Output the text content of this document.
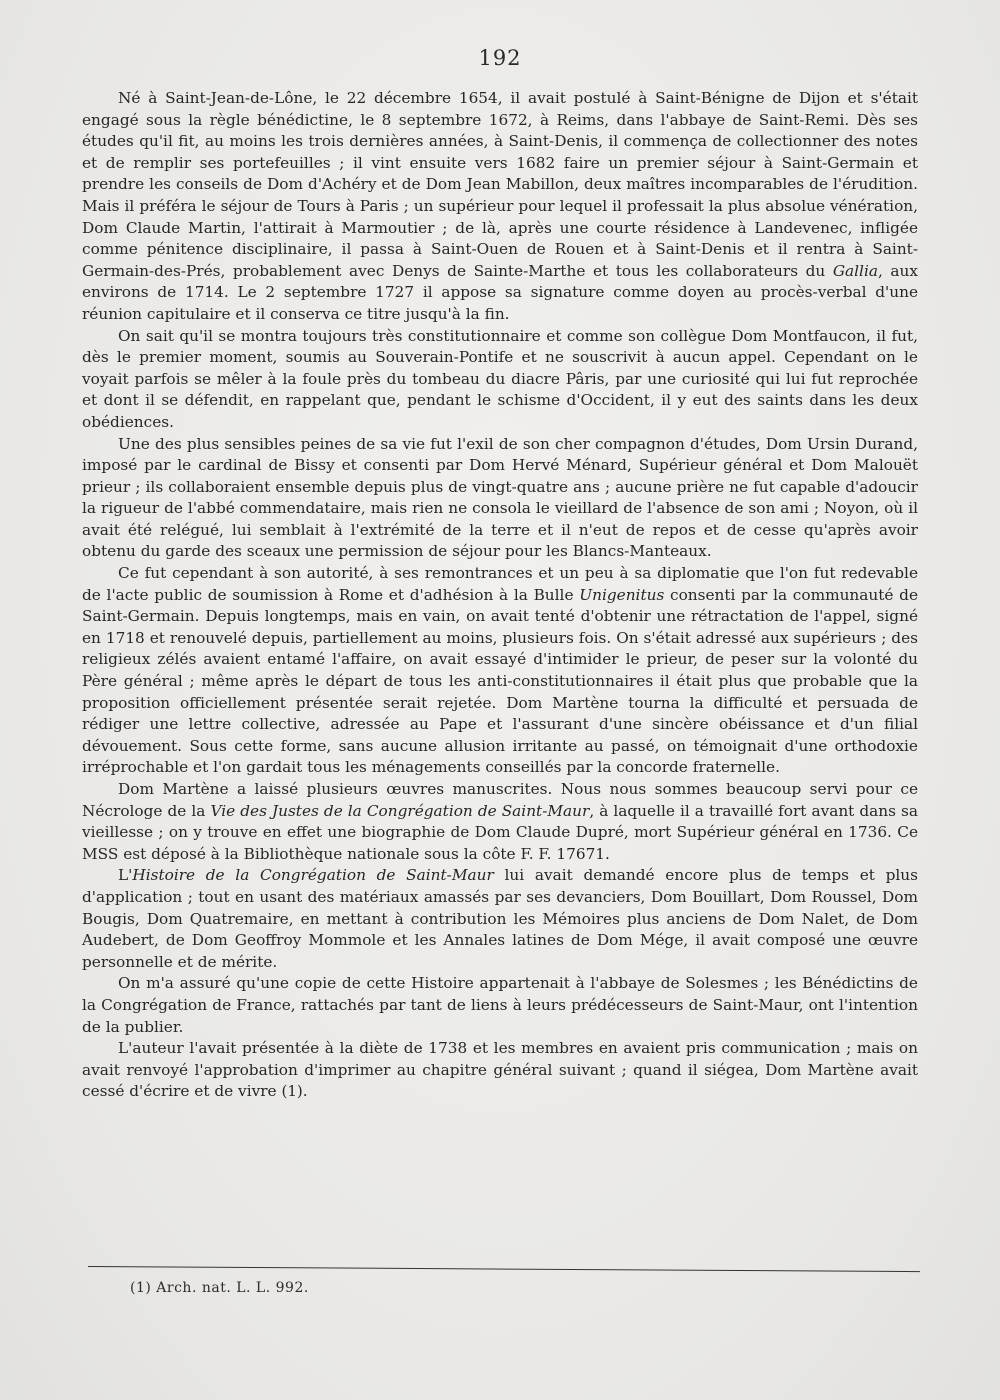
192

Né à Saint-Jean-de-Lône, le 22 décembre 1654, il avait postulé à Saint-Bénigne de Dijon et s'était engagé sous la règle bénédictine, le 8 septembre 1672, à Reims, dans l'abbaye de Saint-Remi. Dès ses études qu'il fit, au moins les trois dernières années, à Saint-Denis, il commença de collectionner des notes et de remplir ses portefeuilles ; il vint ensuite vers 1682 faire un premier séjour à Saint-Germain et prendre les conseils de Dom d'Achéry et de Dom Jean Mabillon, deux maîtres incomparables de l'érudition. Mais il préféra le séjour de Tours à Paris ; un supérieur pour lequel il professait la plus absolue vénération, Dom Claude Martin, l'attirait à Marmoutier ; de là, après une courte résidence à Landevenec, infligée comme pénitence disciplinaire, il passa à Saint-Ouen de Rouen et à Saint-Denis et il rentra à Saint-Germain-des-Prés, probablement avec Denys de Sainte-Marthe et tous les collaborateurs du Gallia, aux environs de 1714. Le 2 septembre 1727 il appose sa signature comme doyen au procès-verbal d'une réunion capitulaire et il conserva ce titre jusqu'à la fin.

On sait qu'il se montra toujours très constitutionnaire et comme son collègue Dom Montfaucon, il fut, dès le premier moment, soumis au Souverain-Pontife et ne souscrivit à aucun appel. Cependant on le voyait parfois se mêler à la foule près du tombeau du diacre Pâris, par une curiosité qui lui fut reprochée et dont il se défendit, en rappelant que, pendant le schisme d'Occident, il y eut des saints dans les deux obédiences.

Une des plus sensibles peines de sa vie fut l'exil de son cher compagnon d'études, Dom Ursin Durand, imposé par le cardinal de Bissy et consenti par Dom Hervé Ménard, Supérieur général et Dom Malouët prieur ; ils collaboraient ensemble depuis plus de vingt-quatre ans ; aucune prière ne fut capable d'adoucir la rigueur de l'abbé commendataire, mais rien ne consola le vieillard de l'absence de son ami ; Noyon, où il avait été relégué, lui semblait à l'extrémité de la terre et il n'eut de repos et de cesse qu'après avoir obtenu du garde des sceaux une permission de séjour pour les Blancs-Manteaux.

Ce fut cependant à son autorité, à ses remontrances et un peu à sa diplomatie que l'on fut redevable de l'acte public de soumission à Rome et d'adhésion à la Bulle Unigenitus consenti par la communauté de Saint-Germain. Depuis longtemps, mais en vain, on avait tenté d'obtenir une rétractation de l'appel, signé en 1718 et renouvelé depuis, partiellement au moins, plusieurs fois. On s'était adressé aux supérieurs ; des religieux zélés avaient entamé l'affaire, on avait essayé d'intimider le prieur, de peser sur la volonté du Père général ; même après le départ de tous les anti-constitutionnaires il était plus que probable que la proposition officiellement présentée serait rejetée. Dom Martène tourna la difficulté et persuada de rédiger une lettre collective, adressée au Pape et l'assurant d'une sincère obéissance et d'un filial dévouement. Sous cette forme, sans aucune allusion irritante au passé, on témoignait d'une orthodoxie irréprochable et l'on gardait tous les ménagements conseillés par la concorde fraternelle.

Dom Martène a laissé plusieurs œuvres manuscrites. Nous nous sommes beaucoup servi pour ce Nécrologe de la Vie des Justes de la Congrégation de Saint-Maur, à laquelle il a travaillé fort avant dans sa vieillesse ; on y trouve en effet une biographie de Dom Claude Dupré, mort Supérieur général en 1736. Ce MSS est déposé à la Bibliothèque nationale sous la côte F. F. 17671.

L'Histoire de la Congrégation de Saint-Maur lui avait demandé encore plus de temps et plus d'application ; tout en usant des matériaux amassés par ses devanciers, Dom Bouillart, Dom Roussel, Dom Bougis, Dom Quatremaire, en mettant à contribution les Mémoires plus anciens de Dom Nalet, de Dom Audebert, de Dom Geoffroy Mommole et les Annales latines de Dom Mége, il avait composé une œuvre personnelle et de mérite.

On m'a assuré qu'une copie de cette Histoire appartenait à l'abbaye de Solesmes ; les Bénédictins de la Congrégation de France, rattachés par tant de liens à leurs prédécesseurs de Saint-Maur, ont l'intention de la publier.

L'auteur l'avait présentée à la diète de 1738 et les membres en avaient pris communication ; mais on avait renvoyé l'approbation d'imprimer au chapitre général suivant ; quand il siégea, Dom Martène avait cessé d'écrire et de vivre (1).

(1) Arch. nat. L. L. 992.
